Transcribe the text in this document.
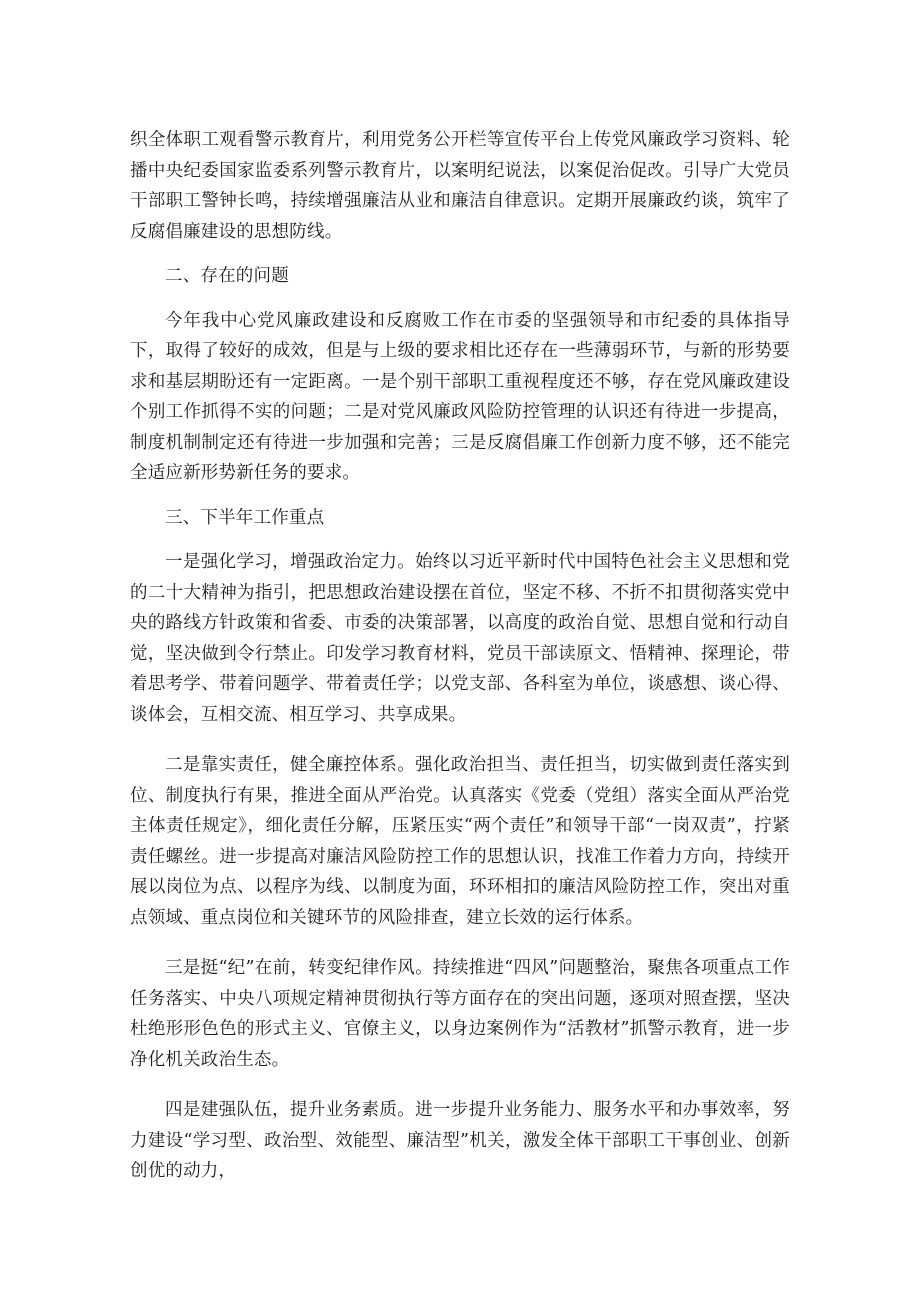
织全体职工观看警示教育片，利用党务公开栏等宣传平台上传党风廉政学习资料、轮播中央纪委国家监委系列警示教育片，以案明纪说法，以案促治促改。引导广大党员干部职工警钟长鸣，持续增强廉洁从业和廉洁自律意识。定期开展廉政约谈，筑牢了反腐倡廉建设的思想防线。

二、存在的问题

今年我中心党风廉政建设和反腐败工作在市委的坚强领导和市纪委的具体指导下，取得了较好的成效，但是与上级的要求相比还存在一些薄弱环节，与新的形势要求和基层期盼还有一定距离。一是个别干部职工重视程度还不够，存在党风廉政建设个别工作抓得不实的问题；二是对党风廉政风险防控管理的认识还有待进一步提高，制度机制制定还有待进一步加强和完善；三是反腐倡廉工作创新力度不够，还不能完全适应新形势新任务的要求。

三、下半年工作重点

一是强化学习，增强政治定力。始终以习近平新时代中国特色社会主义思想和党的二十大精神为指引，把思想政治建设摆在首位，坚定不移、不折不扣贯彻落实党中央的路线方针政策和省委、市委的决策部署，以高度的政治自觉、思想自觉和行动自觉，坚决做到令行禁止。印发学习教育材料，党员干部读原文、悟精神、探理论，带着思考学、带着问题学、带着责任学；以党支部、各科室为单位，谈感想、谈心得、谈体会，互相交流、相互学习、共享成果。

二是靠实责任，健全廉控体系。强化政治担当、责任担当，切实做到责任落实到位、制度执行有果，推进全面从严治党。认真落实《党委（党组）落实全面从严治党主体责任规定》，细化责任分解，压紧压实“两个责任”和领导干部“一岗双责”，拧紧责任螺丝。进一步提高对廉洁风险防控工作的思想认识，找准工作着力方向，持续开展以岗位为点、以程序为线、以制度为面，环环相扣的廉洁风险防控工作，突出对重点领域、重点岗位和关键环节的风险排查，建立长效的运行体系。

三是挺“纪”在前，转变纪律作风。持续推进“四风”问题整治，聚焦各项重点工作任务落实、中央八项规定精神贯彻执行等方面存在的突出问题，逐项对照查摆，坚决杜绝形形色色的形式主义、官僚主义，以身边案例作为“活教材”抓警示教育，进一步净化机关政治生态。

四是建强队伍，提升业务素质。进一步提升业务能力、服务水平和办事效率，努力建设“学习型、政治型、效能型、廉洁型”机关，激发全体干部职工干事创业、创新创优的动力，
